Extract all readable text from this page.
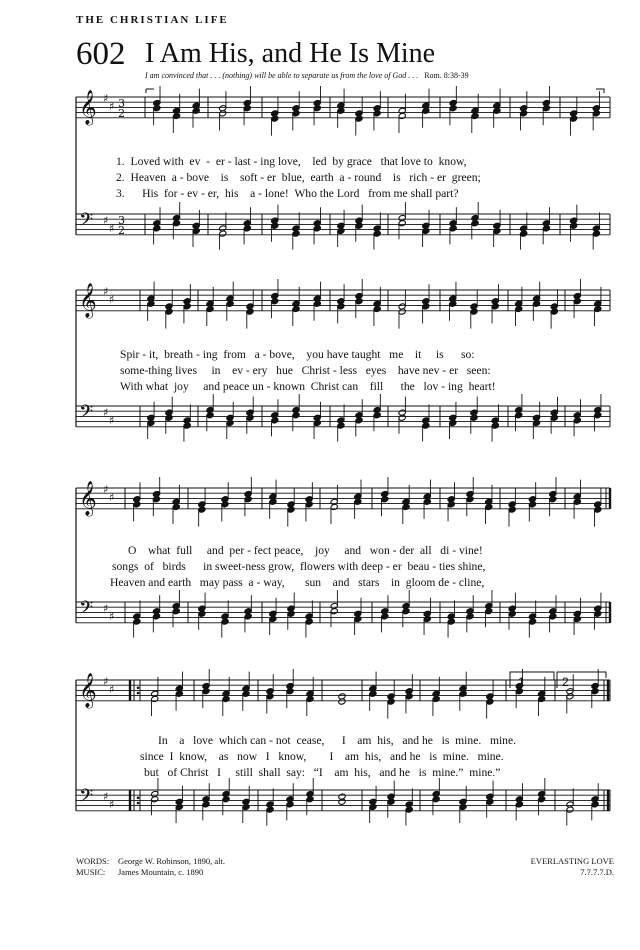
THE CHRISTIAN LIFE
602 I Am His, and He Is Mine
I am convinced that . . . (nothing) will be able to separate us from the love of God . . . Rom. 8:38-39
𝄞 ♯
♯ 3
2
𝄢 ♯
♯
3
2
𝄞 ♯
♯
𝄢 ♯
♯
𝄞 ♯
♯
𝄢 ♯
♯
𝄞 ♯
♯
𝄢 ♯
♯
1.  Loved with  ev  -  er - last - ing love,    led  by grace   that love to  know,
2.  Heaven  a - bove    is    soft - er  blue,  earth  a - round    is   rich - er  green;
3.      His  for - ev - er,  his    a - lone!  Who the Lord   from me shall part?
Spir - it,  breath - ing  from   a - bove,    you have taught   me    it     is      so:
some-thing lives     in    ev - ery   hue   Christ - less   eyes    have nev - er   seen:
With what  joy     and peace un - known  Christ can    fill      the   lov - ing  heart!
O    what  full     and  per - fect peace,    joy     and   won - der  all   di - vine!
songs  of   birds      in sweet-ness grow,  flowers with deep - er  beau - ties shine,
Heaven and earth   may pass  a - way,       sun    and   stars    in  gloom de - cline,
In    a   love  which can - not  cease,      I    am  his,   and he   is  mine.   mine.
since  I  know,    as   now   I   know,        I    am  his,   and he   is  mine.   mine.
but   of Christ   I     still  shall  say:   “I    am  his,   and he   is  mine.”  mine.”
1	2
WORDS: George W. Robinson, 1890, alt.
MUSIC: James Mountain, c. 1890
EVERLASTING LOVE
7.7.7.7.D.
